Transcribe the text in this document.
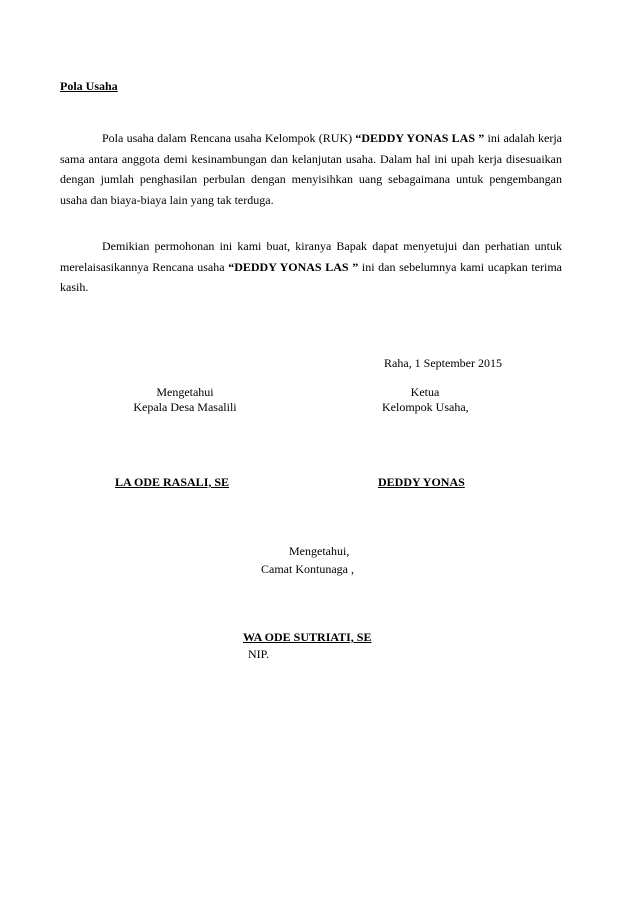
Pola Usaha
Pola usaha dalam Rencana usaha Kelompok (RUK) “DEDDY YONAS LAS ” ini adalah kerja sama antara anggota demi kesinambungan dan kelanjutan usaha. Dalam hal ini upah kerja disesuaikan dengan jumlah penghasilan perbulan dengan menyisihkan uang sebagaimana untuk pengembangan usaha dan biaya-biaya lain yang tak terduga.
Demikian permohonan ini kami buat, kiranya Bapak dapat menyetujui dan perhatian untuk merelaisasikannya Rencana usaha “DEDDY YONAS LAS ” ini dan sebelumnya kami ucapkan terima kasih.
Raha, 1 September 2015
Mengetahui
Kepala Desa Masalili
LA ODE RASALI, SE
Ketua
Kelompok Usaha,
DEDDY YONAS
Mengetahui,
Camat Kontunaga ,
WA ODE SUTRIATI, SE
NIP.
